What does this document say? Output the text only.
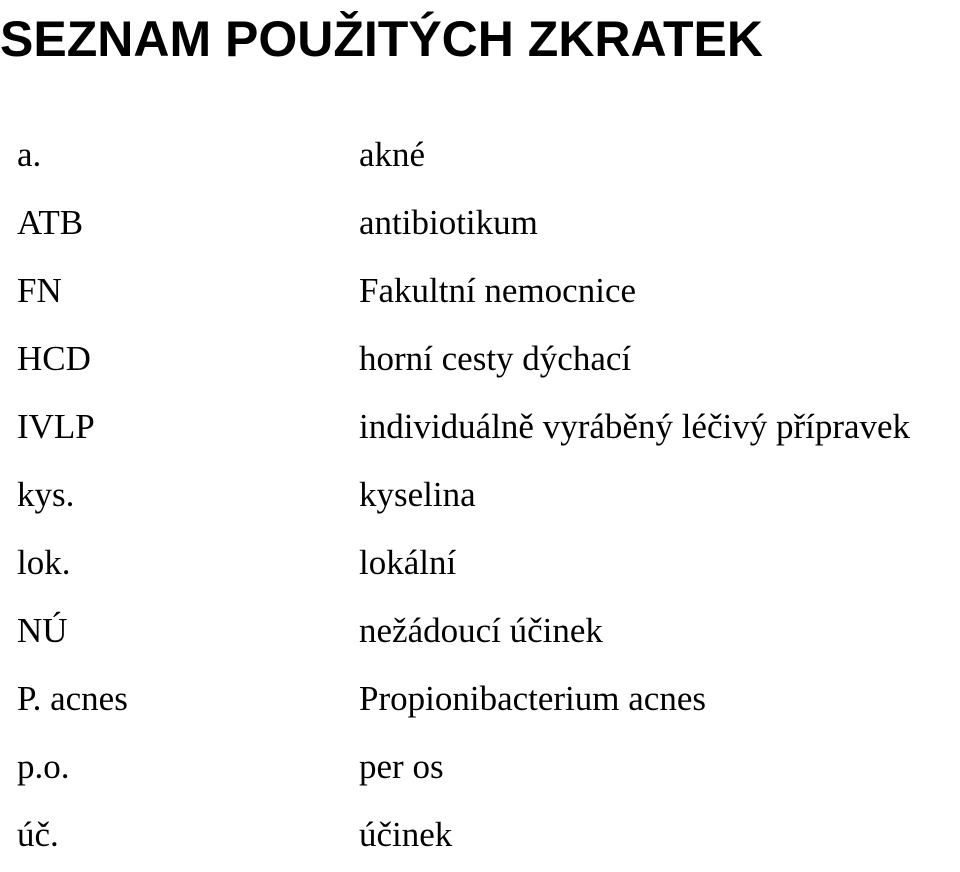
SEZNAM POUŽITÝCH ZKRATEK
a.	akné
ATB	antibiotikum
FN	Fakultní nemocnice
HCD	horní cesty dýchací
IVLP	individuálně vyráběný léčivý přípravek
kys.	kyselina
lok.	lokální
NÚ	nežádoucí účinek
P. acnes	Propionibacterium acnes
p.o.	per os
úč.	účinek
